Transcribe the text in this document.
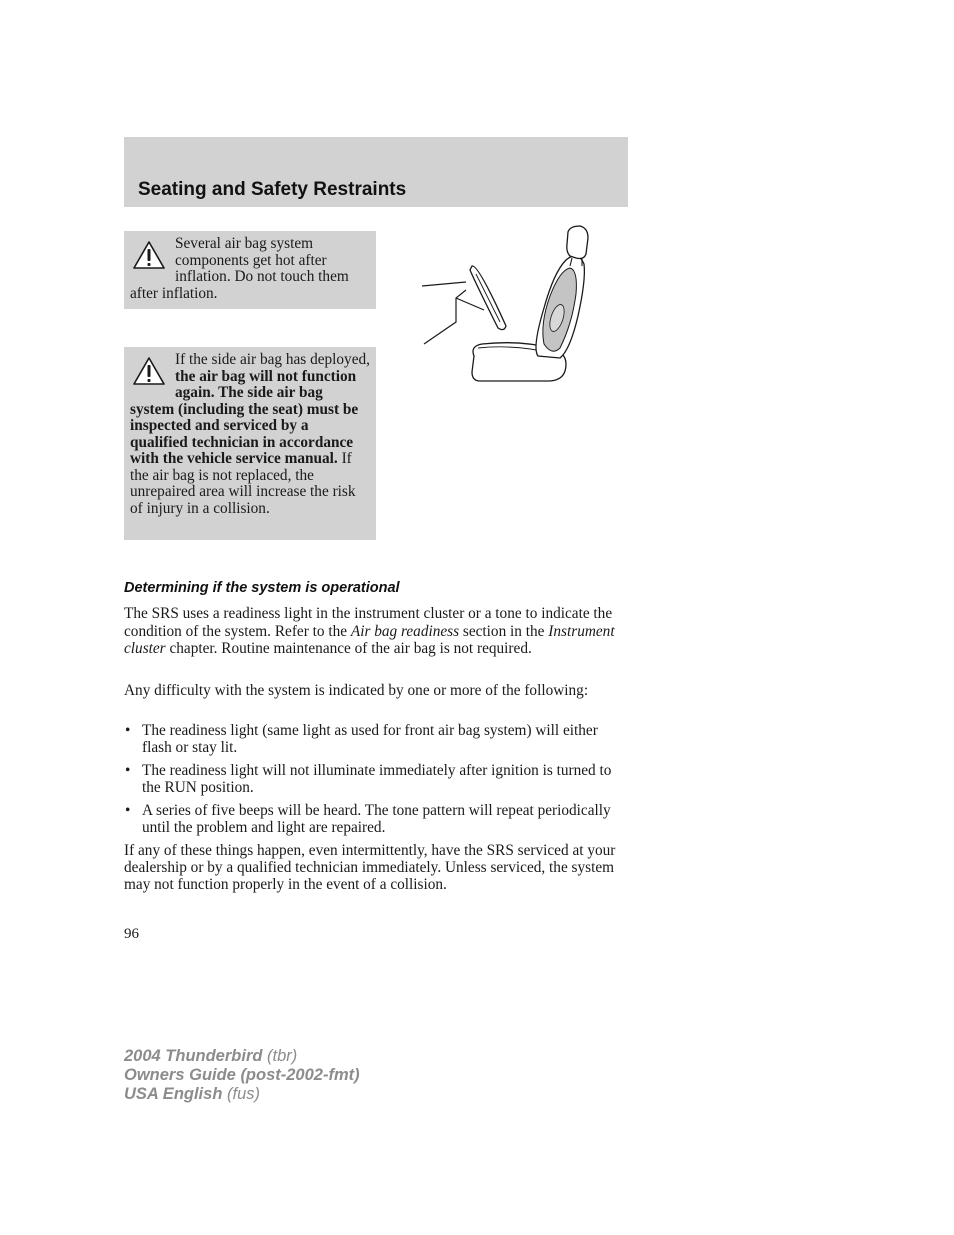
Seating and Safety Restraints
Several air bag system components get hot after inflation. Do not touch them after inflation.
If the side air bag has deployed, the air bag will not function again. The side air bag system (including the seat) must be inspected and serviced by a qualified technician in accordance with the vehicle service manual. If the air bag is not replaced, the unrepaired area will increase the risk of injury in a collision.
Determining if the system is operational

The SRS uses a readiness light in the instrument cluster or a tone to indicate the condition of the system. Refer to the Air bag readiness section in the Instrument cluster chapter. Routine maintenance of the air bag is not required.

Any difficulty with the system is indicated by one or more of the following:

• The readiness light (same light as used for front air bag system) will either flash or stay lit.
• The readiness light will not illuminate immediately after ignition is turned to the RUN position.
• A series of five beeps will be heard. The tone pattern will repeat periodically until the problem and light are repaired.

If any of these things happen, even intermittently, have the SRS serviced at your dealership or by a qualified technician immediately. Unless serviced, the system may not function properly in the event of a collision.

96

2004 Thunderbird (tbr)
Owners Guide (post-2002-fmt)
USA English (fus)
